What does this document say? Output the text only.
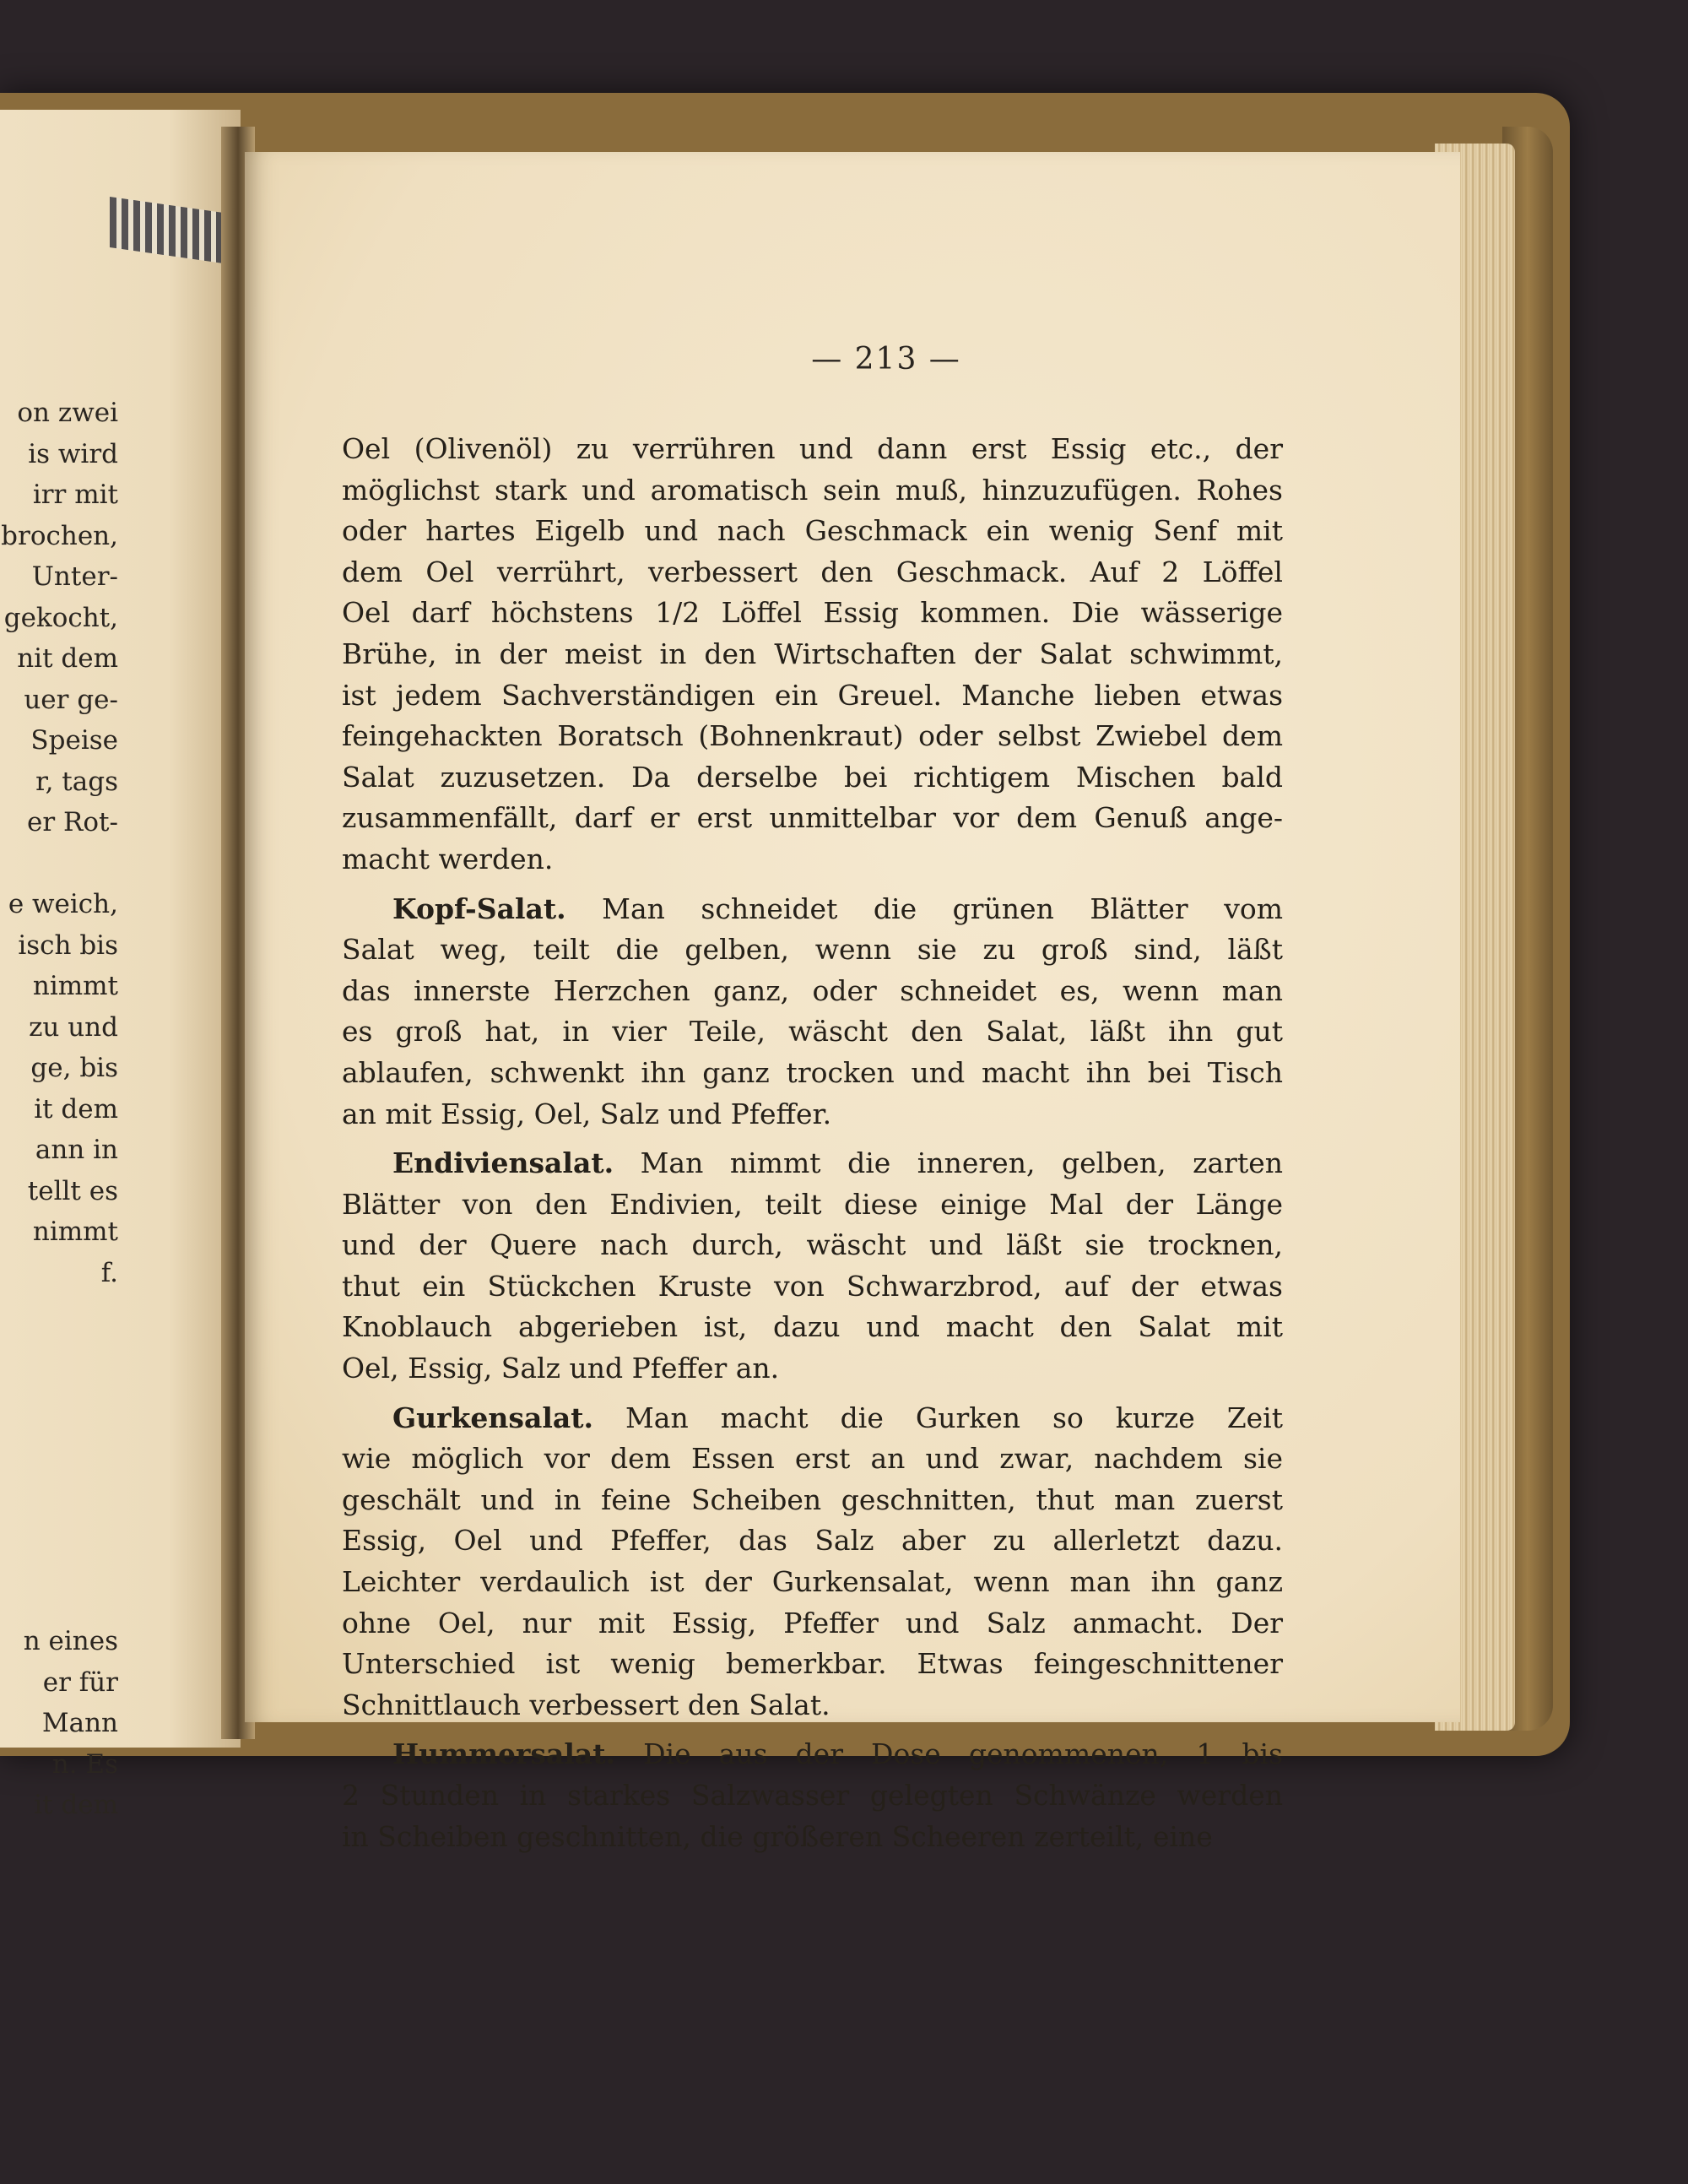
on zwei
is wird
irr mit
brochen,
Unter-
gekocht,
nit dem
uer ge-
Speise
r, tags
er Rot-
e weich,
isch bis
nimmt
zu und
ge, bis
it dem
ann in
tellt es
nimmt
f.
n eines
er für
Mann
n. Es
it dem
— 213 —
Oel (Olivenöl) zu verrühren und dann erst Essig etc., der
möglichst stark und aromatisch sein muß, hinzuzufügen. Rohes
oder hartes Eigelb und nach Geschmack ein wenig Senf mit
dem Oel verrührt, verbessert den Geschmack. Auf 2 Löffel
Oel darf höchstens 1/2 Löffel Essig kommen. Die wässerige
Brühe, in der meist in den Wirtschaften der Salat schwimmt,
ist jedem Sachverständigen ein Greuel. Manche lieben etwas
feingehackten Boratsch (Bohnenkraut) oder selbst Zwiebel dem
Salat zuzusetzen. Da derselbe bei richtigem Mischen bald
zusammenfällt, darf er erst unmittelbar vor dem Genuß ange-
macht werden.
Kopf-Salat. Man schneidet die grünen Blätter vom
Salat weg, teilt die gelben, wenn sie zu groß sind, läßt
das innerste Herzchen ganz, oder schneidet es, wenn man
es groß hat, in vier Teile, wäscht den Salat, läßt ihn gut
ablaufen, schwenkt ihn ganz trocken und macht ihn bei Tisch
an mit Essig, Oel, Salz und Pfeffer.
Endiviensalat. Man nimmt die inneren, gelben, zarten
Blätter von den Endivien, teilt diese einige Mal der Länge
und der Quere nach durch, wäscht und läßt sie trocknen,
thut ein Stückchen Kruste von Schwarzbrod, auf der etwas
Knoblauch abgerieben ist, dazu und macht den Salat mit
Oel, Essig, Salz und Pfeffer an.
Gurkensalat. Man macht die Gurken so kurze Zeit
wie möglich vor dem Essen erst an und zwar, nachdem sie
geschält und in feine Scheiben geschnitten, thut man zuerst
Essig, Oel und Pfeffer, das Salz aber zu allerletzt dazu.
Leichter verdaulich ist der Gurkensalat, wenn man ihn ganz
ohne Oel, nur mit Essig, Pfeffer und Salz anmacht. Der
Unterschied ist wenig bemerkbar. Etwas feingeschnittener
Schnittlauch verbessert den Salat.
Hummersalat. Die aus der Dose genommenen, 1 bis
2 Stunden in starkes Salzwasser gelegten Schwänze werden
in Scheiben geschnitten, die größeren Scheeren zerteilt, eine
